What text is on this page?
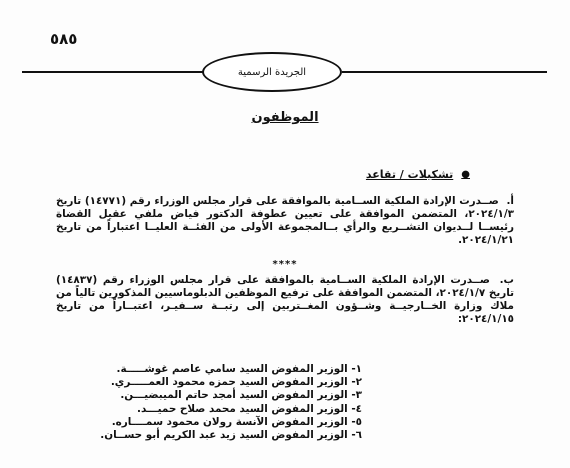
٥٨٥
الجريدة الرسمية
الموظفون
●
تشكيلات / تقاعد
أ. صــدرت الإرادة الملكية الســامية بالموافقة على قرار مجلس الوزراء رقم (١٤٧٧١) تاريخ ٢٠٢٤/١/٣، المتضمن الموافقة على تعيين عطوفة الدكتور فياض ملفي عقيل القضاة رئيســا لــديوان التشــريع والرأي بــالمجموعة الأولى من الفئــة العليــا اعتباراً من تاريخ ٢٠٢٤/١/٢١.
****
ب. صــدرت الإرادة الملكية الســامية بالموافقة على قرار مجلس الوزراء رقم (١٤٨٣٧) تاريخ ٢٠٢٤/١/٧، المتضمن الموافقة على ترفيع الموظفين الدبلوماسيين المذكورين تالياً من ملاك وزارة الخــارجيــة وشــؤون المغــتربين إلى رتبــة ســفيـر، اعتبــاراً من تاريخ ٢٠٢٤/١/١٥:
١- الوزير المفوض السيد سامي عاصم غوشـــــة.
٢- الوزير المفوض السيد حمزه محمود العمـــــري.
٣- الوزير المفوض السيد أمجد حاتم الميبضيـــن.
٤- الوزير المفوض السيد محمد صلاح حميـــد.
٥- الوزير المفوض الآنسة رولان محمود سمــــاره.
٦- الوزير المفوض السيد زيد عبد الكريم أبو حســان.
